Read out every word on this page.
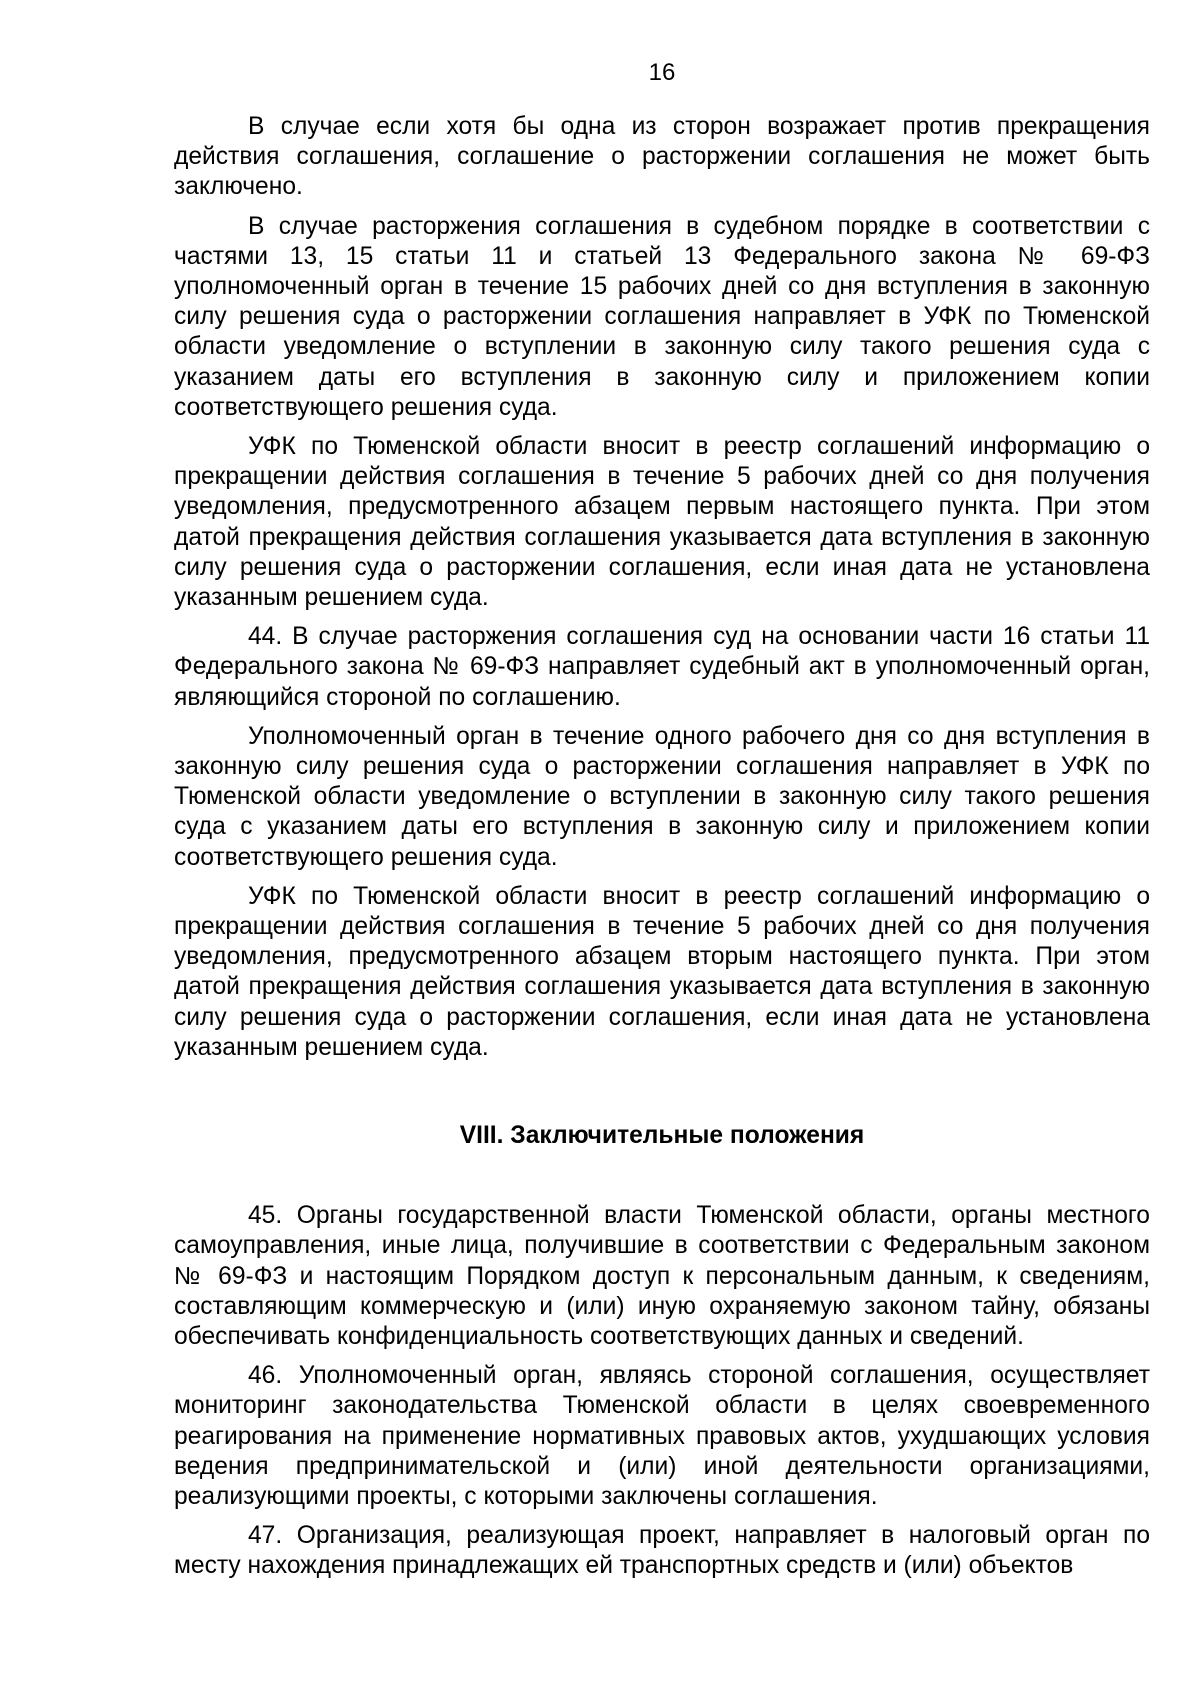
16

В случае если хотя бы одна из сторон возражает против прекращения действия соглашения, соглашение о расторжении соглашения не может быть заключено.

В случае расторжения соглашения в судебном порядке в соответствии с частями 13, 15 статьи 11 и статьей 13 Федерального закона № 69-ФЗ уполномоченный орган в течение 15 рабочих дней со дня вступления в законную силу решения суда о расторжении соглашения направляет в УФК по Тюменской области уведомление о вступлении в законную силу такого решения суда с указанием даты его вступления в законную силу и приложением копии соответствующего решения суда.

УФК по Тюменской области вносит в реестр соглашений информацию о прекращении действия соглашения в течение 5 рабочих дней со дня получения уведомления, предусмотренного абзацем первым настоящего пункта. При этом датой прекращения действия соглашения указывается дата вступления в законную силу решения суда о расторжении соглашения, если иная дата не установлена указанным решением суда.

44. В случае расторжения соглашения суд на основании части 16 статьи 11 Федерального закона № 69-ФЗ направляет судебный акт в уполномоченный орган, являющийся стороной по соглашению.

Уполномоченный орган в течение одного рабочего дня со дня вступления в законную силу решения суда о расторжении соглашения направляет в УФК по Тюменской области уведомление о вступлении в законную силу такого решения суда с указанием даты его вступления в законную силу и приложением копии соответствующего решения суда.

УФК по Тюменской области вносит в реестр соглашений информацию о прекращении действия соглашения в течение 5 рабочих дней со дня получения уведомления, предусмотренного абзацем вторым настоящего пункта. При этом датой прекращения действия соглашения указывается дата вступления в законную силу решения суда о расторжении соглашения, если иная дата не установлена указанным решением суда.

VIII. Заключительные положения

45. Органы государственной власти Тюменской области, органы местного самоуправления, иные лица, получившие в соответствии с Федеральным законом № 69-ФЗ и настоящим Порядком доступ к персональным данным, к сведениям, составляющим коммерческую и (или) иную охраняемую законом тайну, обязаны обеспечивать конфиденциальность соответствующих данных и сведений.

46. Уполномоченный орган, являясь стороной соглашения, осуществляет мониторинг законодательства Тюменской области в целях своевременного реагирования на применение нормативных правовых актов, ухудшающих условия ведения предпринимательской и (или) иной деятельности организациями, реализующими проекты, с которыми заключены соглашения.

47. Организация, реализующая проект, направляет в налоговый орган по месту нахождения принадлежащих ей транспортных средств и (или) объектов
